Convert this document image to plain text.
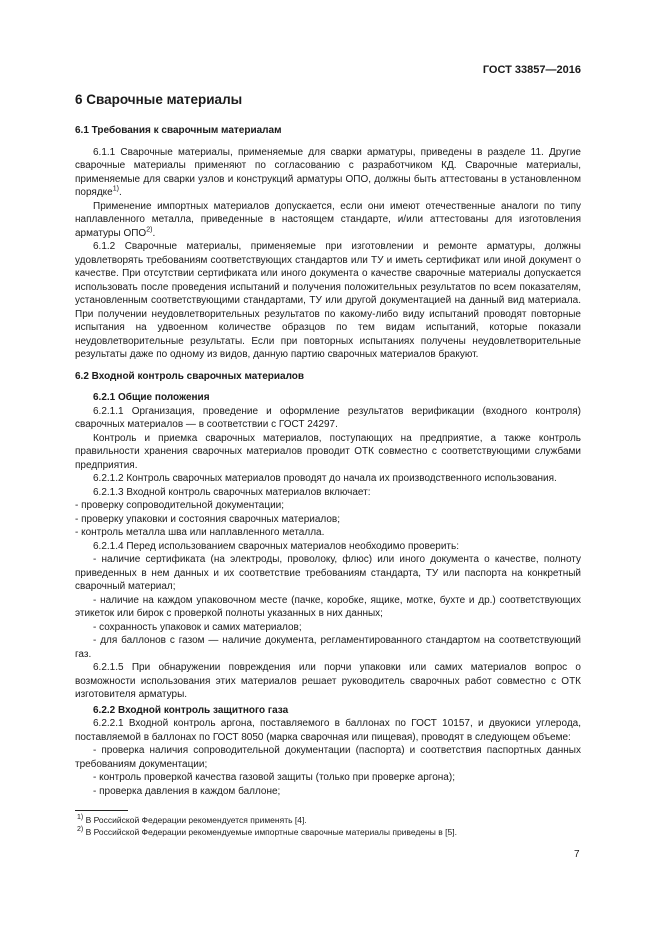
ГОСТ 33857—2016
6 Сварочные материалы
6.1 Требования к сварочным материалам

6.1.1 Сварочные материалы, применяемые для сварки арматуры, приведены в разделе 11. Другие сварочные материалы применяют по согласованию с разработчиком КД. Сварочные материалы, применяемые для сварки узлов и конструкций арматуры ОПО, должны быть аттестованы в установленном порядке$^{1)}$.

Применение импортных материалов допускается, если они имеют отечественные аналоги по типу наплавленного металла, приведенные в настоящем стандарте, и/или аттестованы для изготовления арматуры ОПО$^{2)}$.

6.1.2 Сварочные материалы, применяемые при изготовлении и ремонте арматуры, должны удовлетворять требованиям соответствующих стандартов или ТУ и иметь сертификат или иной документ о качестве. При отсутствии сертификата или иного документа о качестве сварочные материалы допускается использовать после проведения испытаний и получения положительных результатов по всем показателям, установленным соответствующими стандартами, ТУ или другой документацией на данный вид материала. При получении неудовлетворительных результатов по какому-либо виду испытаний проводят повторные испытания на удвоенном количестве образцов по тем видам испытаний, которые показали неудовлетворительные результаты. Если при повторных испытаниях получены неудовлетворительные результаты даже по одному из видов, данную партию сварочных материалов бракуют.

6.2 Входной контроль сварочных материалов

6.2.1 Общие положения

6.2.1.1 Организация, проведение и оформление результатов верификации (входного контроля) сварочных материалов — в соответствии с ГОСТ 24297.

Контроль и приемка сварочных материалов, поступающих на предприятие, а также контроль правильности хранения сварочных материалов проводит ОТК совместно с соответствующими службами предприятия.

6.2.1.2 Контроль сварочных материалов проводят до начала их производственного использования.

6.2.1.3 Входной контроль сварочных материалов включает:

- проверку сопроводительной документации;

- проверку упаковки и состояния сварочных материалов;

- контроль металла шва или наплавленного металла.

6.2.1.4 Перед использованием сварочных материалов необходимо проверить:

- наличие сертификата (на электроды, проволоку, флюс) или иного документа о качестве, полноту приведенных в нем данных и их соответствие требованиям стандарта, ТУ или паспорта на конкретный сварочный материал;

- наличие на каждом упаковочном месте (пачке, коробке, ящике, мотке, бухте и др.) соответствующих этикеток или бирок с проверкой полноты указанных в них данных;

- сохранность упаковок и самих материалов;

- для баллонов с газом — наличие документа, регламентированного стандартом на соответствующий газ.

6.2.1.5 При обнаружении повреждения или порчи упаковки или самих материалов вопрос о возможности использования этих материалов решает руководитель сварочных работ совместно с ОТК изготовителя арматуры.

6.2.2 Входной контроль защитного газа

6.2.2.1 Входной контроль аргона, поставляемого в баллонах по ГОСТ 10157, и двуокиси углерода, поставляемой в баллонах по ГОСТ 8050 (марка сварочная или пищевая), проводят в следующем объеме:

- проверка наличия сопроводительной документации (паспорта) и соответствия паспортных данных требованиям документации;

- контроль проверкой качества газовой защиты (только при проверке аргона);

- проверка давления в каждом баллоне;

$^{1)}$ В Российской Федерации рекомендуется применять [4].
$^{2)}$ В Российской Федерации рекомендуемые импортные сварочные материалы приведены в [5].
7
